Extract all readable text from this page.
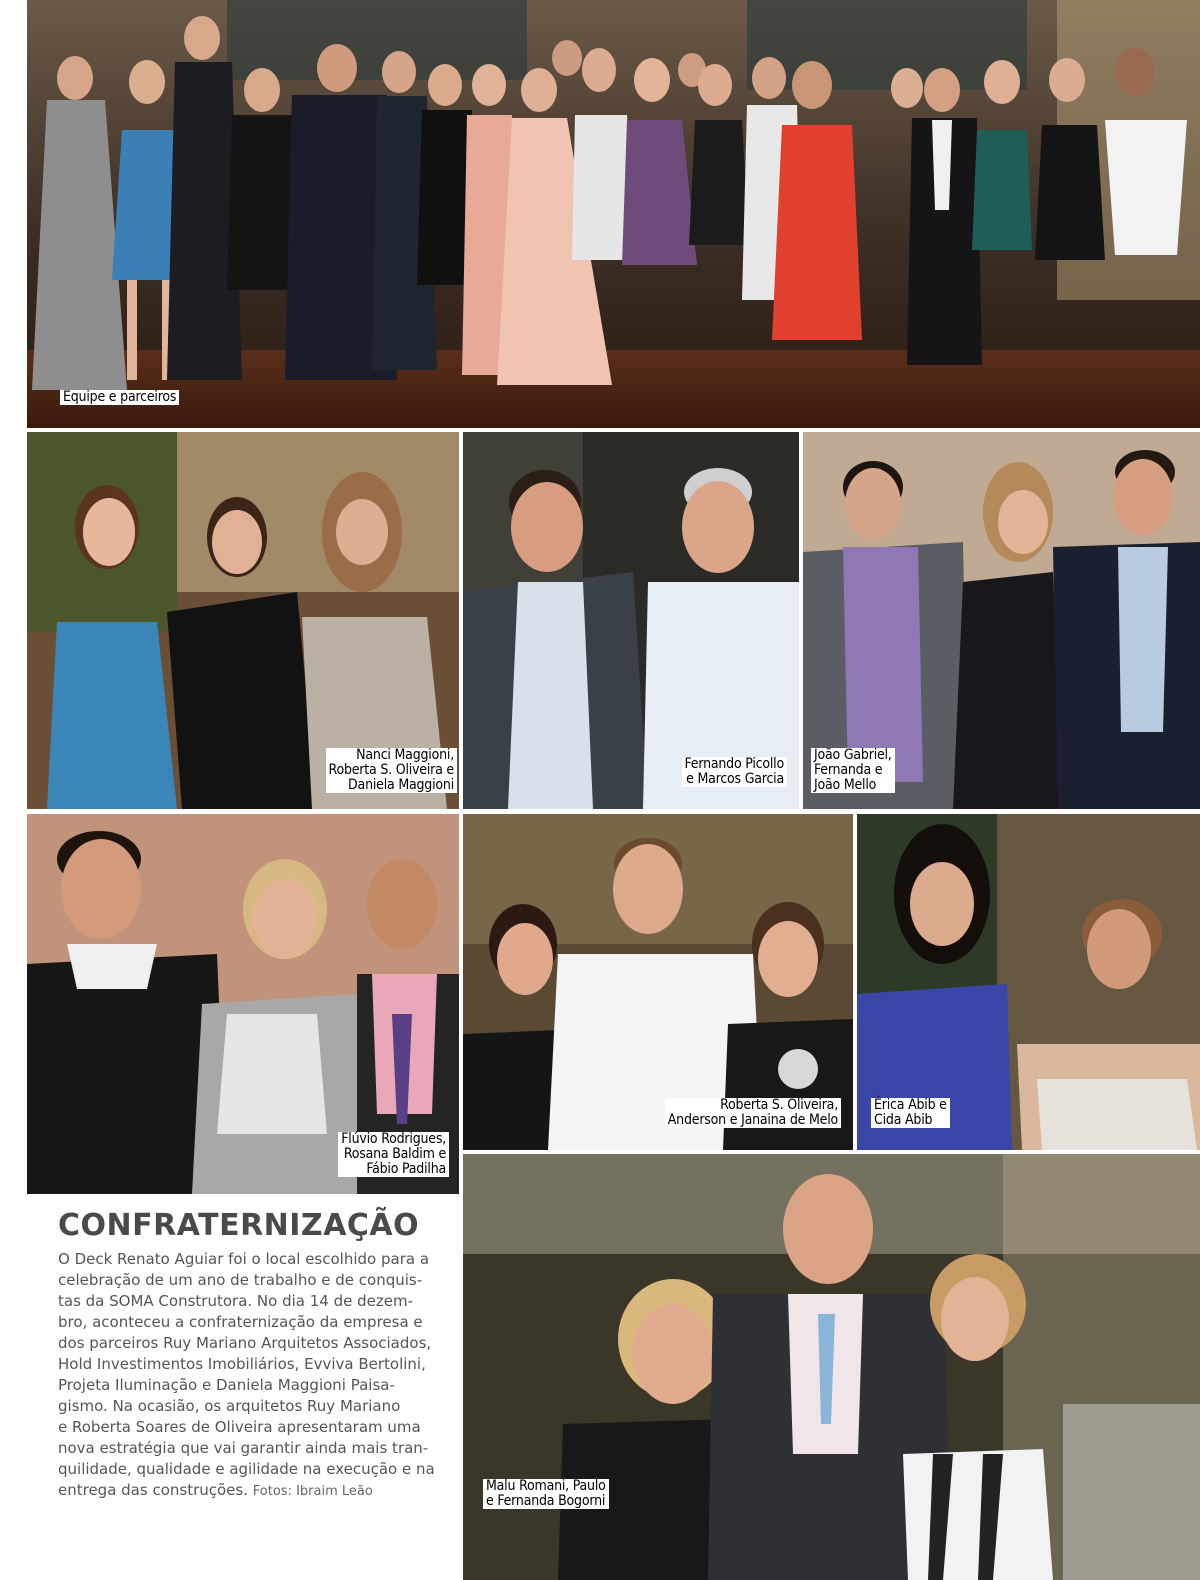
Equipe e parceiros
Nanci Maggioni,
Roberta S. Oliveira e
Daniela Maggioni
Fernando Picollo
e Marcos Garcia
João Gabriel,
Fernanda e
João Mello
Flúvio Rodrigues,
Rosana Baldim e
Fábio Padilha
Roberta S. Oliveira,
Anderson e Janaina de Melo
Érica Abib e
Cida Abib
Malu Romani, Paulo
e Fernanda Bogorni
CONFRATERNIZAÇÃO

O Deck Renato Aguiar foi o local escolhido para a
celebração de um ano de trabalho e de conquis-
tas da SOMA Construtora. No dia 14 de dezem-
bro, aconteceu a confraternização da empresa e
dos parceiros Ruy Mariano Arquitetos Associados,
Hold Investimentos Imobiliários, Evviva Bertolini,
Projeta Iluminação e Daniela Maggioni Paisa-
gismo. Na ocasião, os arquitetos Ruy Mariano
e Roberta Soares de Oliveira apresentaram uma
nova estratégia que vai garantir ainda mais tran-
quilidade, qualidade e agilidade na execução e na
entrega das construções. Fotos: Ibraim Leão
